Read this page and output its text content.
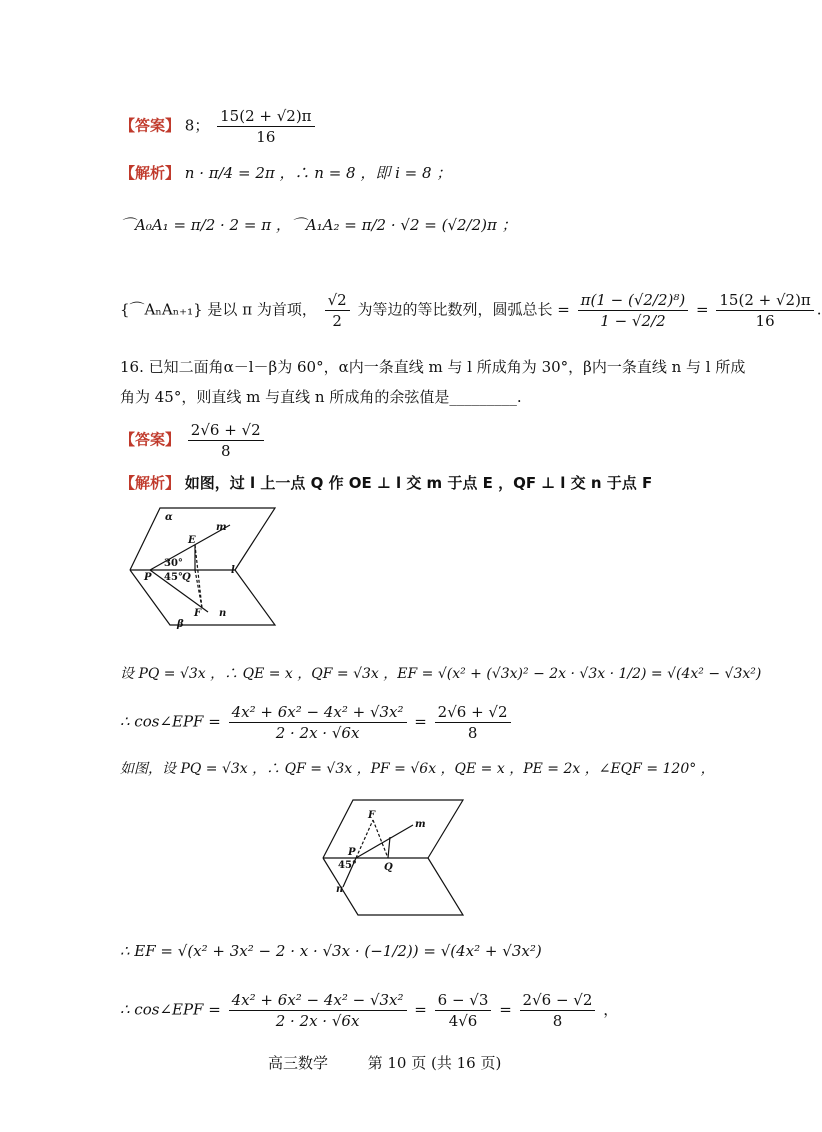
【答案】 8； $\frac{15(2 + √2)\pi}{16}$
【解析】 n · π/4 = 2π ，∴ n = 8 ，即 i = 8 ；
⌒A₀A₁ = π/2 · 2 = π ，⌒A₁A₂ = π/2 · √2 = (√2/2)π ；
{⌒AₙAₙ₊₁} 是以 π 为首项， $\frac{√2}{2}$ 为等边的等比数列，圆弧总长 = $\frac{\text{π(1 − (√2/2)⁸)}}{1 - √2/2} = \frac{15(2 + √2)\pi}{16}$ .
16. 已知二面角α－l－β为 60°，α内一条直线 m 与 l 所成角为 30°，β内一条直线 n 与 l 所成
角为 45°，则直线 m 与直线 n 所成角的余弦值是_________.
【答案】 $\frac{2√6 + √2}{8}$
【解析】 如图，过 l 上一点 Q 作 OE ⊥ l 交 m 于点 E ，QF ⊥ l 交 n 于点 F
α
β
m
n
l
E
F
P	Q
30°
45°
设 PQ = √3x ，∴ QE = x ，QF = √3x ，EF = √(x² + (√3x)² − 2x · √3x · 1/2) = √(4x² − √3x²)
∴ cos∠EPF = $\frac{\text{4x² + 6x² − 4x² + √3x²}}{2 \cdot 2x \cdot √6x} = \frac{2√6 + √2}{8}$
如图，设 PQ = √3x ，∴ QF = √3x ，PF = √6x ，QE = x ，PE = 2x ，∠EQF = 120° ，
F
m
n
P
Q
45°
∴ EF = √(x² + 3x² − 2 · x · √3x · (−1/2)) = √(4x² + √3x²)
∴ cos∠EPF = $\frac{\text{4x² + 6x² − 4x² − √3x²}}{2 \cdot 2x \cdot √6x} = \frac{6 - √3}{4√6} = \frac{2√6 - √2}{8}$ ，
高三数学	第 10 页 (共 16 页)
